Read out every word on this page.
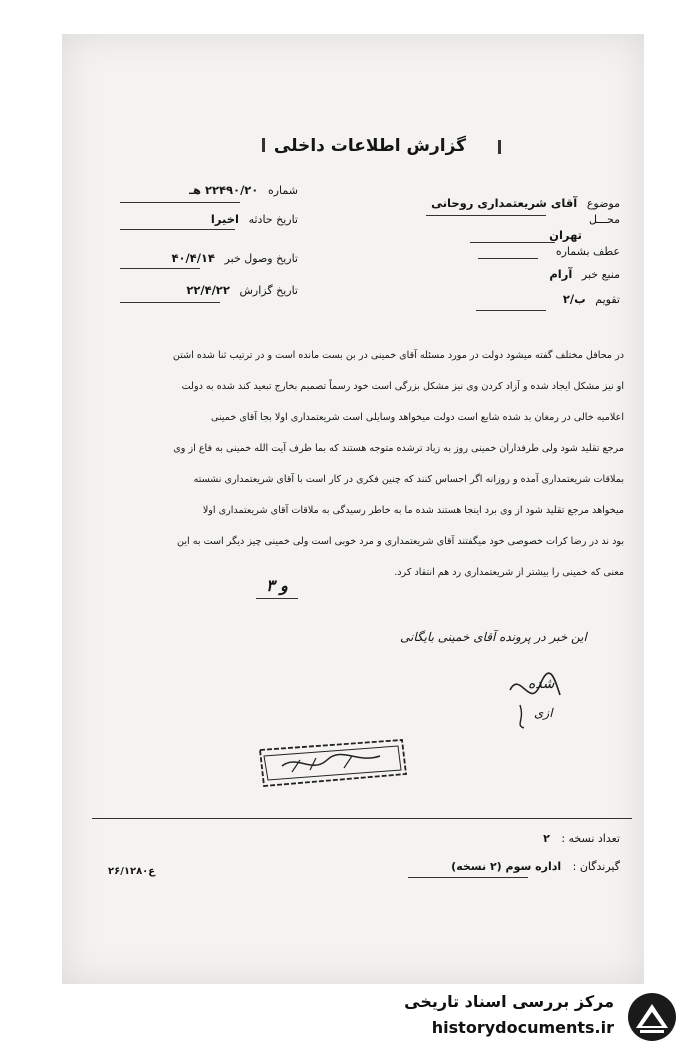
گزارش اطلاعات داخلی
شماره ۲۲۴۹۰/۲۰ هـ
تاریخ حادثه اخیرا
تاریخ وصول خبر ۴۰/۴/۱۴
تاریخ گزارش ۲۲/۴/۲۲
موضوع آقای شریعتمداری روحانی
محـــل
تهران
عطف بشماره
منبع خبر آرام
تقویم ب/۲

در محافل مختلف گفته میشود دولت در مورد مسئله آقای خمینی در بن بست مانده است و در ترتیب ثنا شده اشتن

او نیز مشکل ایجاد شده و آزاد کردن وی نیز مشکل بزرگی است خود رسماً تصمیم بخارج تبعید کند شده به دولت

اعلامیه خالی در رمغان بد شده شایع است دولت میخواهد وسایلی است شریعتمداری اولا بجا آقای خمینی

مرجع تقلید شود ولی طرفداران خمینی روز به زیاد ترشده متوجه هستند که بما طرف آیت الله خمینی به فاع از وی

بملاقات شریعتمداری آمده و روزانه اگر احساس کنند که چنین فکری در کار است با آقای شریعتمداری نشسته

میخواهد مرجع تقلید شود از وی برد اینجا هستند شده ما به خاطر رسیدگی به ملاقات آقای شریعتمداری اولا

بود ند در رضا کرات خصوصی خود میگفتند آقای شریعتمداری و مرد خوبی است ولی خمینی چیز دیگر است به این

معنی که خمینی را بیشتر از شریعتمداری رد هم انتقاد کرد.

و ۳
این خبر در پرونده آقای خمینی بایگانی
شده
ازی
تعداد نسخه : ۲
گیرندگان : اداره سوم (۲ نسخه)
۲۶/۱۲۸۰ع
مرکز بررسی اسناد تاریخی
historydocuments.ir
